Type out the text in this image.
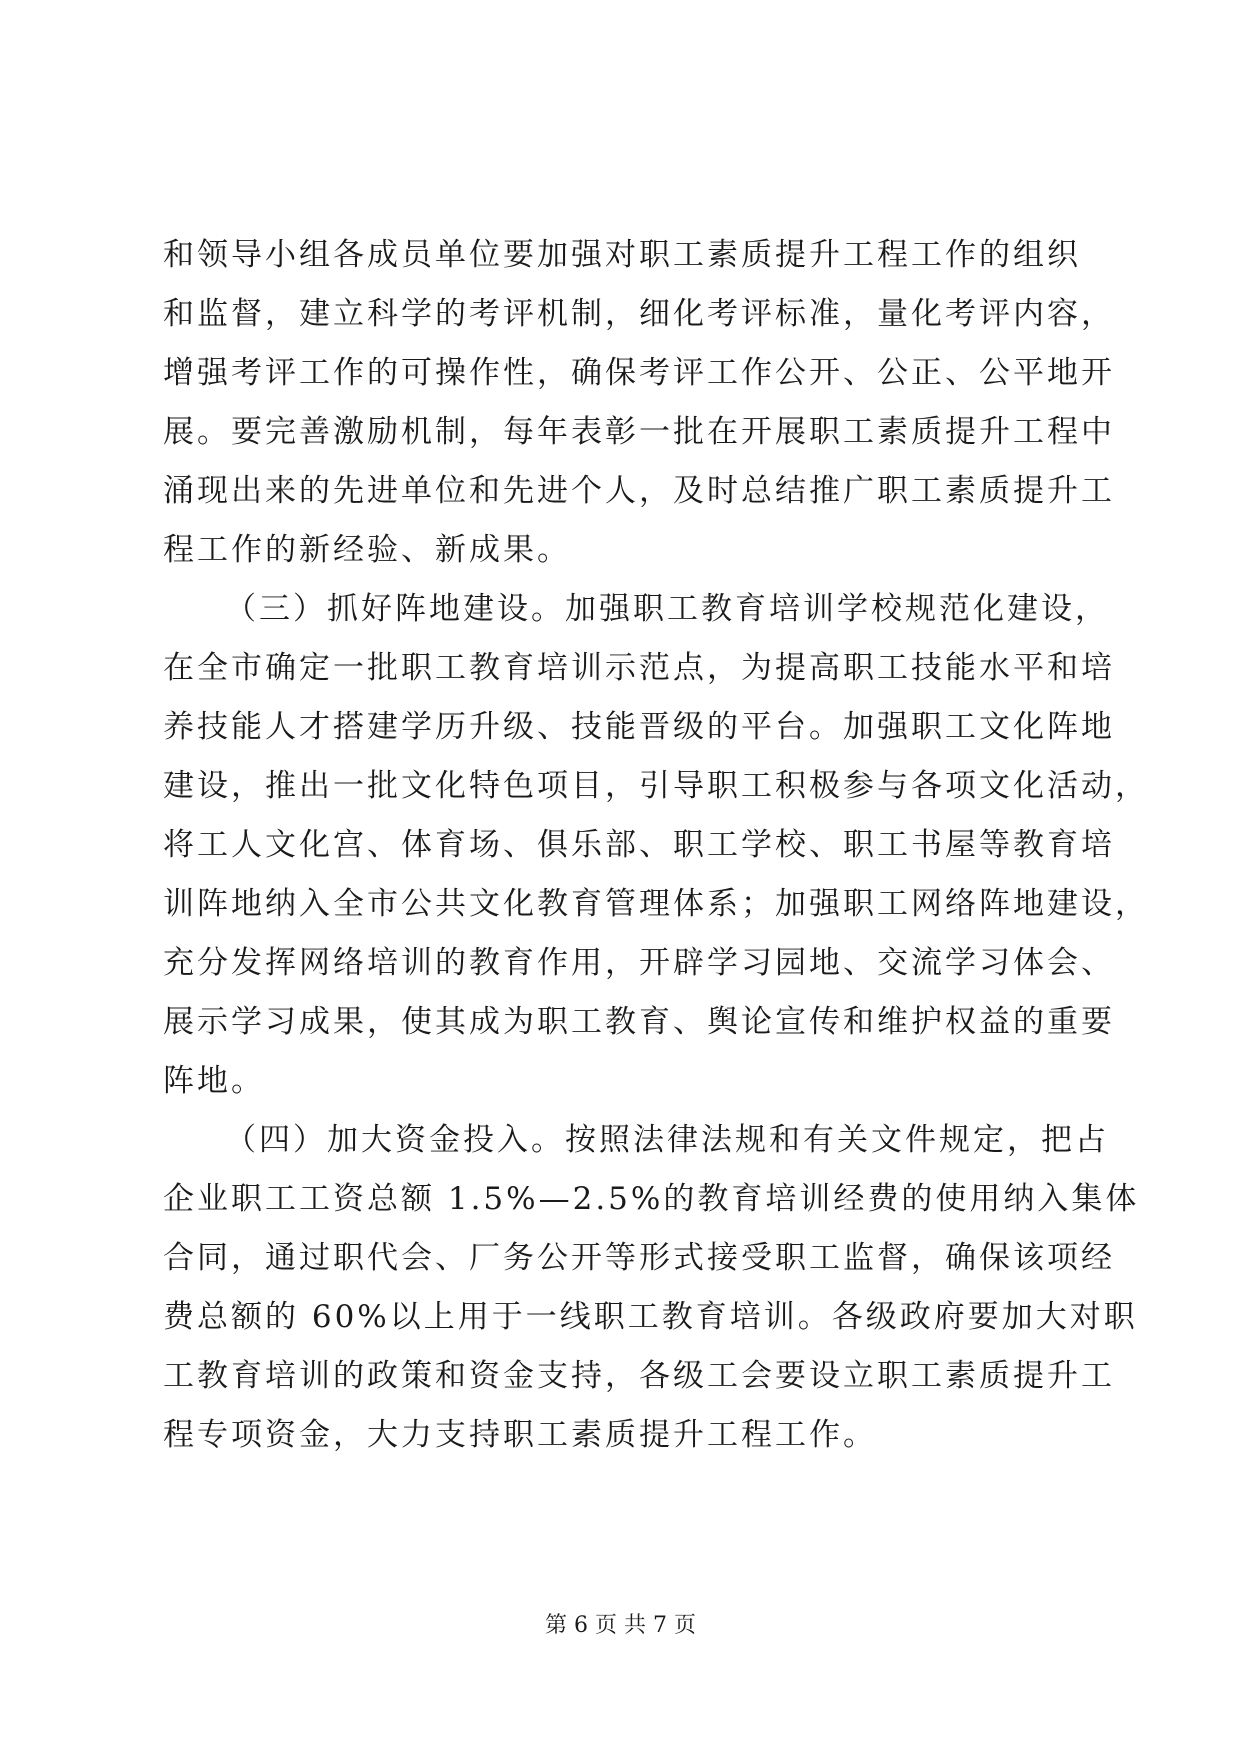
和领导小组各成员单位要加强对职工素质提升工程工作的组织
和监督，建立科学的考评机制，细化考评标准，量化考评内容，
增强考评工作的可操作性，确保考评工作公开、公正、公平地开
展。要完善激励机制，每年表彰一批在开展职工素质提升工程中
涌现出来的先进单位和先进个人，及时总结推广职工素质提升工
程工作的新经验、新成果。
（三）抓好阵地建设。加强职工教育培训学校规范化建设，
在全市确定一批职工教育培训示范点，为提高职工技能水平和培
养技能人才搭建学历升级、技能晋级的平台。加强职工文化阵地
建设，推出一批文化特色项目，引导职工积极参与各项文化活动，
将工人文化宫、体育场、俱乐部、职工学校、职工书屋等教育培
训阵地纳入全市公共文化教育管理体系；加强职工网络阵地建设，
充分发挥网络培训的教育作用，开辟学习园地、交流学习体会、
展示学习成果，使其成为职工教育、舆论宣传和维护权益的重要
阵地。
（四）加大资金投入。按照法律法规和有关文件规定，把占
企业职工工资总额 1.5%—2.5%的教育培训经费的使用纳入集体
合同，通过职代会、厂务公开等形式接受职工监督，确保该项经
费总额的 60%以上用于一线职工教育培训。各级政府要加大对职
工教育培训的政策和资金支持，各级工会要设立职工素质提升工
程专项资金，大力支持职工素质提升工程工作。
第 6 页 共 7 页
